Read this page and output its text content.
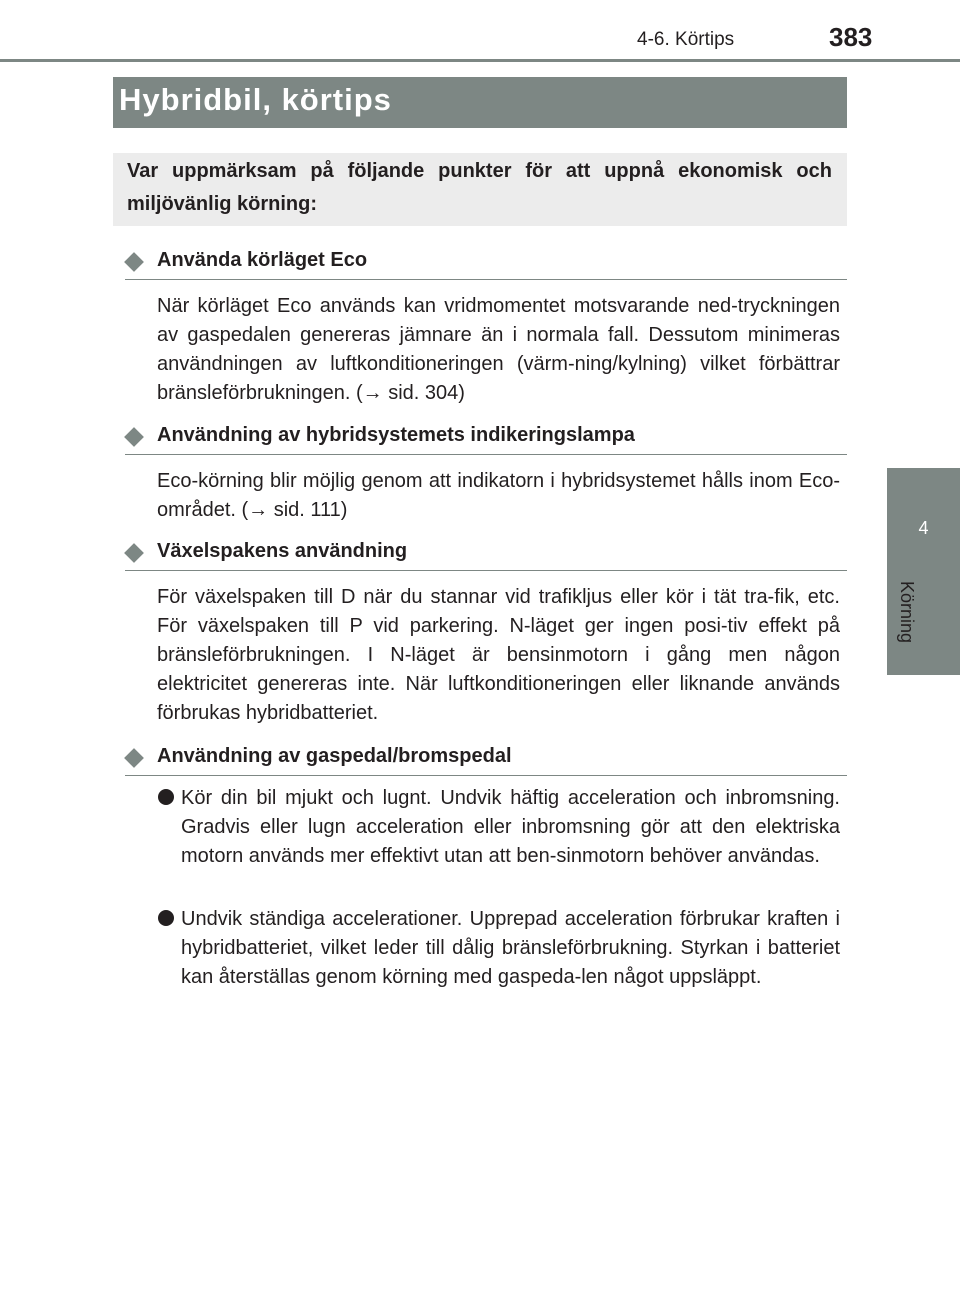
4-6. Körtips	383
4
Körning
Hybridbil, körtips

Var uppmärksam på följande punkter för att uppnå ekonomisk och miljövänlig körning:

Använda körläget Eco

När körläget Eco används kan vridmomentet motsvarande ned-tryckningen av gaspedalen genereras jämnare än i normala fall. Dessutom minimeras användningen av luftkonditioneringen (värm-ning/kylning) vilket förbättrar bränsleförbrukningen. (→ sid. 304)

Användning av hybridsystemets indikeringslampa

Eco-körning blir möjlig genom att indikatorn i hybridsystemet hålls inom Eco-området. (→ sid. 111)

Växelspakens användning

För växelspaken till D när du stannar vid trafikljus eller kör i tät tra-fik, etc. För växelspaken till P vid parkering. N-läget ger ingen posi-tiv effekt på bränsleförbrukningen. I N-läget är bensinmotorn i gång men någon elektricitet genereras inte. När luftkonditioneringen eller liknande används förbrukas hybridbatteriet.

Användning av gaspedal/bromspedal

Kör din bil mjukt och lugnt. Undvik häftig acceleration och inbromsning. Gradvis eller lugn acceleration eller inbromsning gör att den elektriska motorn används mer effektivt utan att ben-sinmotorn behöver användas.

Undvik ständiga accelerationer. Upprepad acceleration förbrukar kraften i hybridbatteriet, vilket leder till dålig bränsleförbrukning. Styrkan i batteriet kan återställas genom körning med gaspeda-len något uppsläppt.
